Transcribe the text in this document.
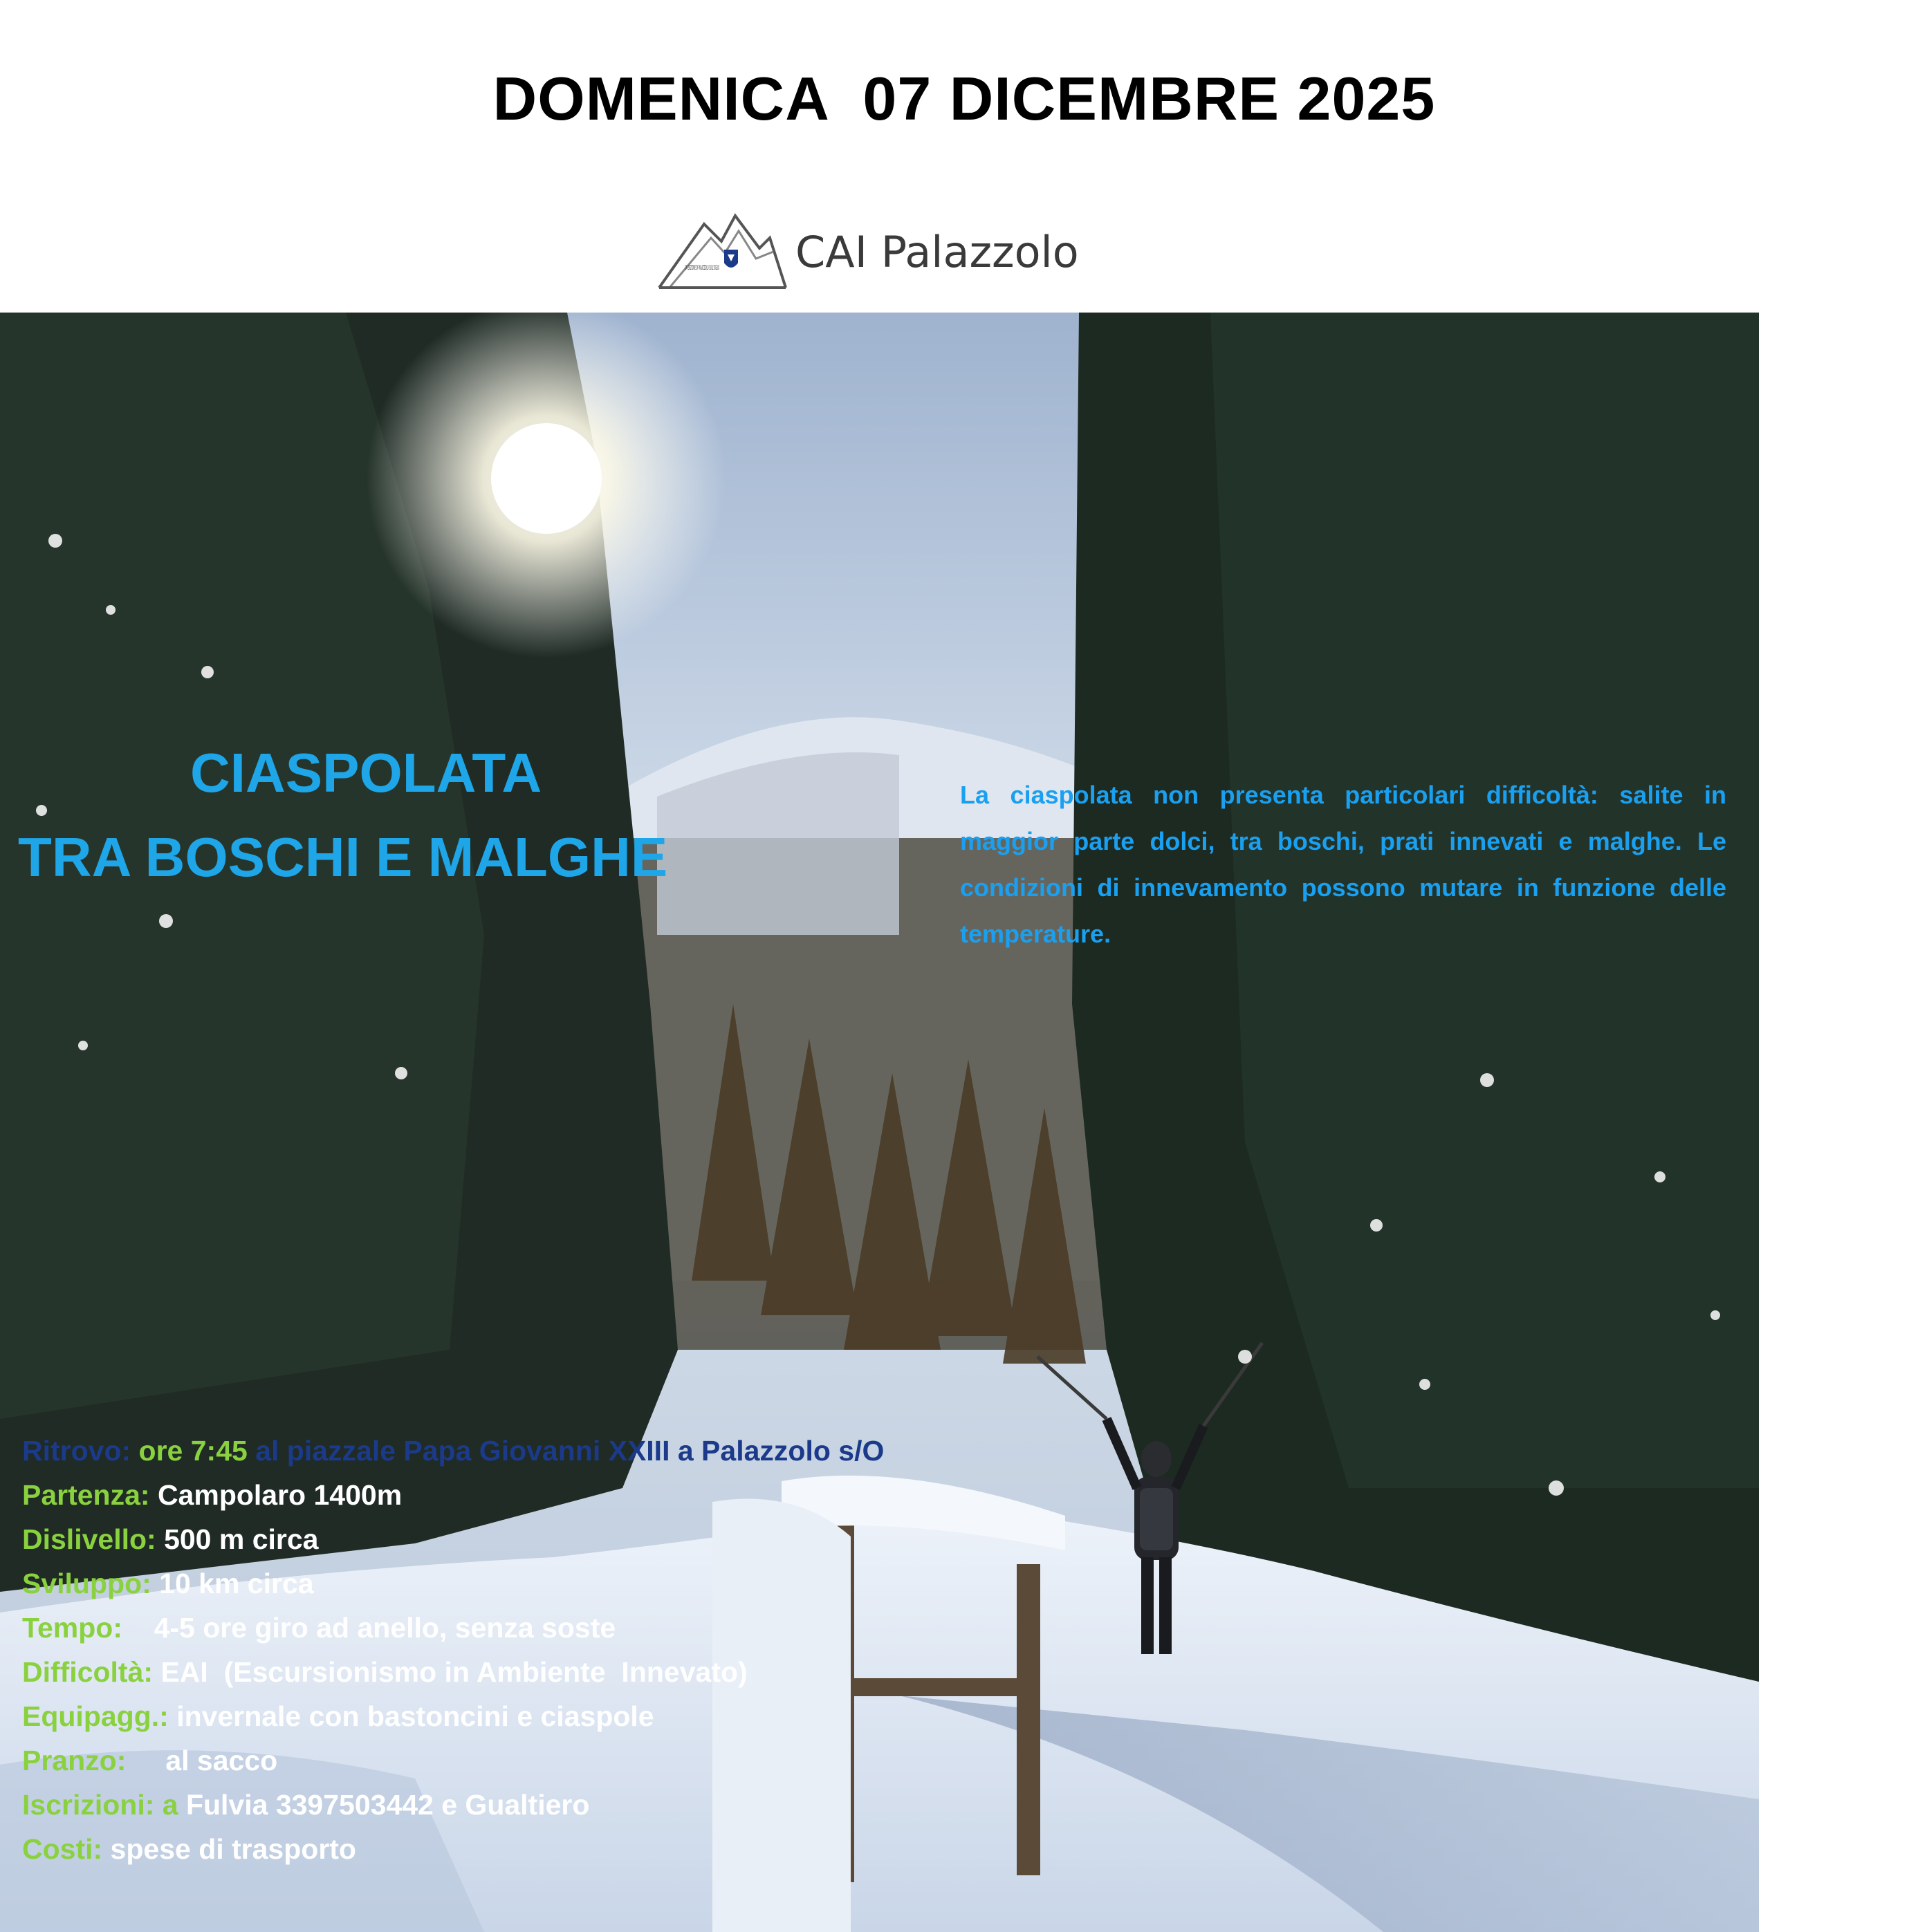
DOMENICA  07 DICEMBRE 2025
CAI SEZIONE DI PALAZZOLO SULL'OGLIO CAI Palazzolo
CIASPOLATA
TRA BOSCHI E MALGHE
La ciaspolata non presenta particolari difficoltà: salite in maggior parte dolci, tra boschi, prati innevati e malghe. Le condizioni di innevamento possono mutare in funzione delle temperature.
Ritrovo: ore 7:45 al piazzale Papa Giovanni XXIII a Palazzolo s/O
Partenza: Campolaro 1400m
Dislivello: 500 m circa
Sviluppo: 10 km circa
Tempo:    4-5 ore giro ad anello, senza soste
Difficoltà: EAI  (Escursionismo in Ambiente  Innevato)
Equipagg.: invernale con bastoncini e ciaspole
Pranzo:     al sacco
Iscrizioni: a Fulvia 3397503442 e Gualtiero
Costi: spese di trasporto
